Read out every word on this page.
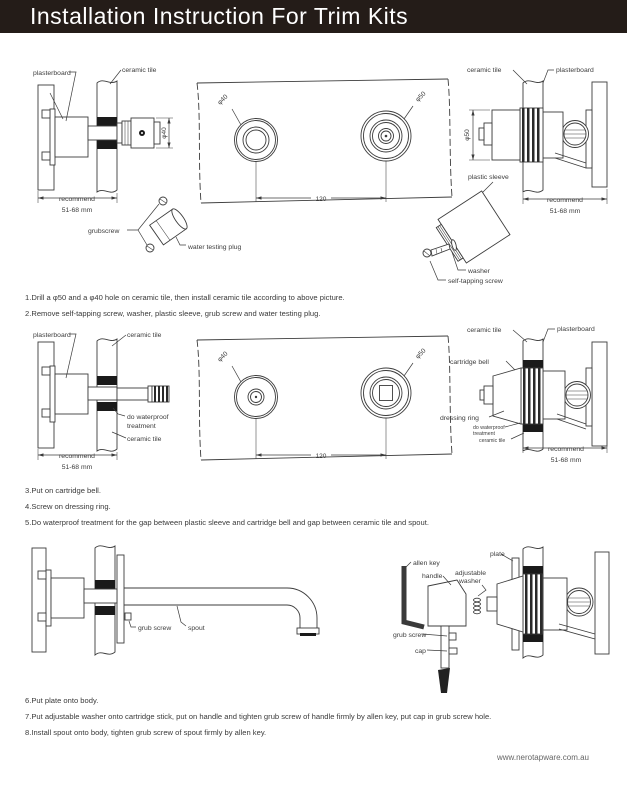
Installation Instruction For Trim Kits
φ40
plasterboard	ceramic tile
recommend
51-68 mm
grubscrew
water testing plug
φ40	φ50
120
φ50
ceramic tile	plasterboard
recommend
51-68 mm
plastic sleeve
washer
self-tapping screw
1.Drill a φ50 and a φ40 hole on ceramic tile, then install ceramic tile according to above picture.
2.Remove self-tapping screw, washer, plastic sleeve, grub screw and water testing plug.
plasterboard	ceramic tile
do waterproof
treatment
ceramic tile
recommend
51-68 mm
φ40	φ50
120
ceramic tile	plasterboard
cartridge bell
dressing ring
do waterproof
treatment
ceramic tile
recommend
51-68 mm
3.Put on cartridge bell.
4.Screw on dressing ring.
5.Do waterproof treatment for the gap between plastic sleeve and cartridge bell and gap between ceramic tile and spout.
grub screw spout
allen key
handle
grub screw
cap
adjustable
washer
plate
6.Put plate onto body.
7.Put adjustable washer onto cartridge stick, put on handle and tighten grub screw of handle firmly by allen key, put cap in grub screw hole.
8.Install spout onto body, tighten grub screw of spout firmly by allen key.
www.nerotapware.com.au
